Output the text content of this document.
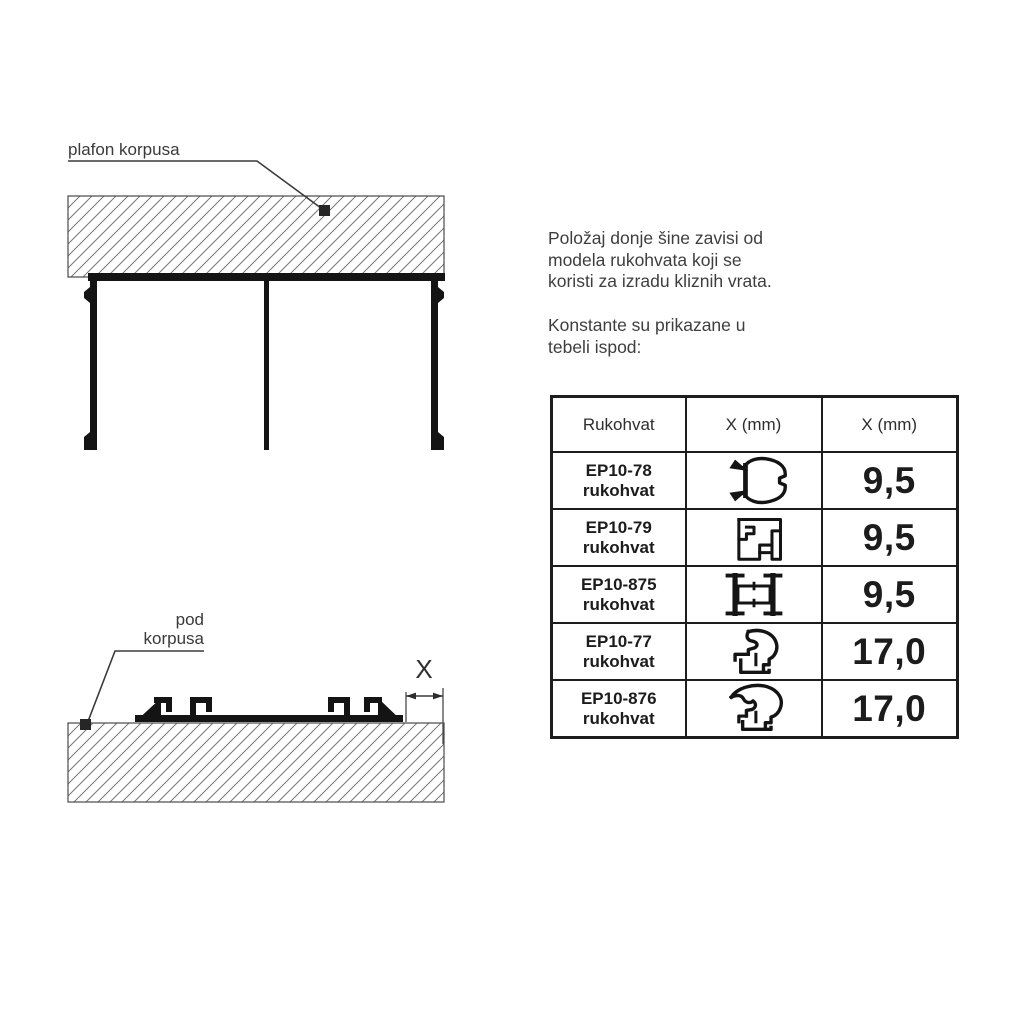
plafon korpusa
pod
korpusa
X
Položaj donje šine zavisi od
modela rukohvata koji se
koristi za izradu kliznih vrata.
Konstante su prikazane u
tebeli ispod:
Rukohvat	X (mm)	X (mm)

EP10-78
rukohvat		9,5

EP10-79
rukohvat		9,5

EP10-875
rukohvat		9,5

EP10-77
rukohvat		17,0

EP10-876
rukohvat		17,0
